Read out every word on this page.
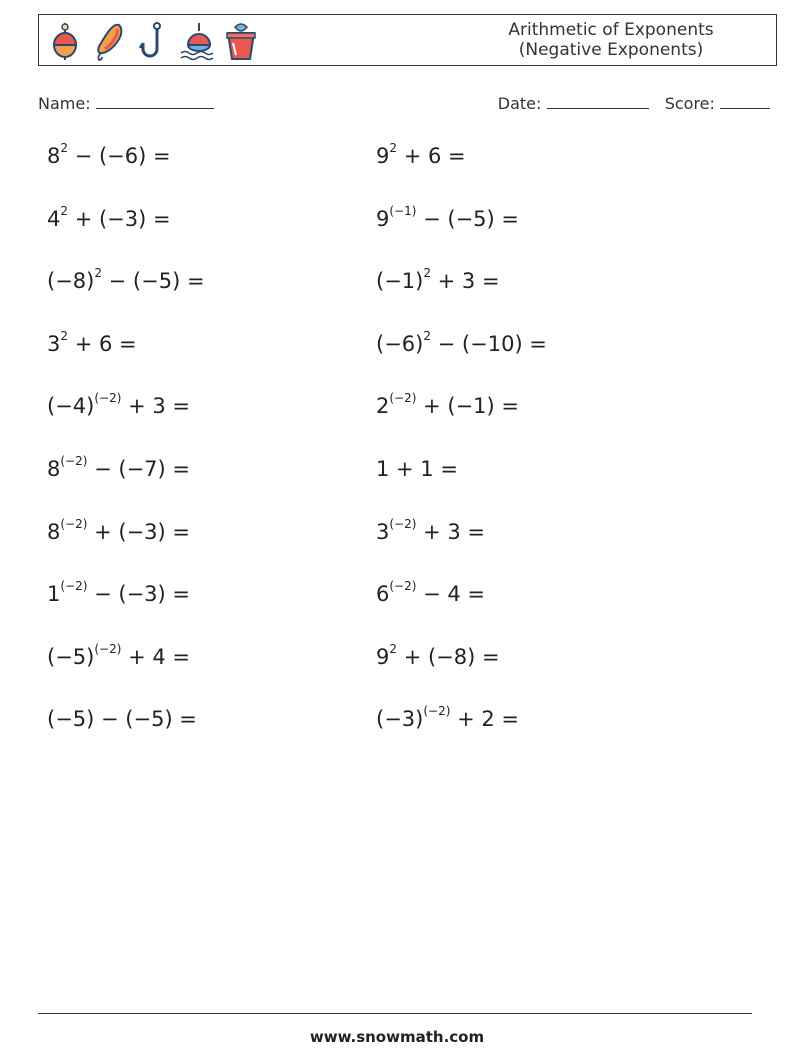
Arithmetic of Exponents (Negative Exponents)
Name:	Date:	Score:
$8^2 - (-6)$ =	$9^2 + 6$ =
$4^2 + (-3)$ =	$9^{(-1)} - (-5)$ =
$(-8)^2 - (-5)$ =	$(-1)^2 + 3$ =
$3^2 + 6$ =	$(-6)^2 - (-10)$ =
$(-4)^{(-2)} + 3$ =	$2^{(-2)} + (-1)$ =
$8^{(-2)} - (-7)$ =	1 + 1 =
$8^{(-2)} + (-3)$ =	$3^{(-2)} + 3$ =
$1^{(-2)} - (-3)$ =	$6^{(-2)} - 4$ =
$(-5)^{(-2)} + 4$ =	$9^2 + (-8)$ =
(−5) − (−5) =	$(-3)^{(-2)} + 2$ =
www.snowmath.com
